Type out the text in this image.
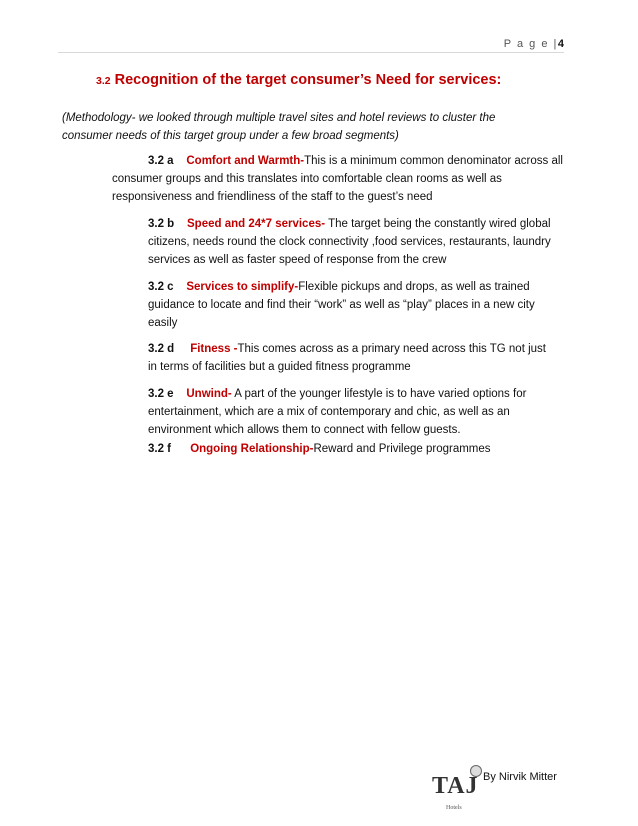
P a g e |4
3.2 Recognition of the target consumer’s Need for services:
(Methodology- we looked through multiple travel sites and hotel reviews to cluster the consumer needs of this target group under a few broad segments)
3.2 a Comfort and Warmth-This is a minimum common denominator across all
consumer groups and this translates into comfortable clean rooms as well as responsiveness and friendliness of the staff to the guest’s need
3.2 b Speed and 24*7 services- The target being the constantly wired global citizens, needs round the clock connectivity ,food services, restaurants, laundry services as well as faster speed of response from the crew
3.2 c Services to simplify-Flexible pickups and drops, as well as trained guidance to locate and find their “work” as well as “play” places in a new city easily
3.2 d Fitness -This comes across as a primary need across this TG not just in terms of facilities but a guided fitness programme
3.2 e Unwind- A part of the younger lifestyle is to have varied options for entertainment, which are a mix of contemporary and chic, as well as an environment which allows them to connect with fellow guests.
3.2 f Ongoing Relationship-Reward and Privilege programmes
TAJ
Hotels
By Nirvik Mitter
